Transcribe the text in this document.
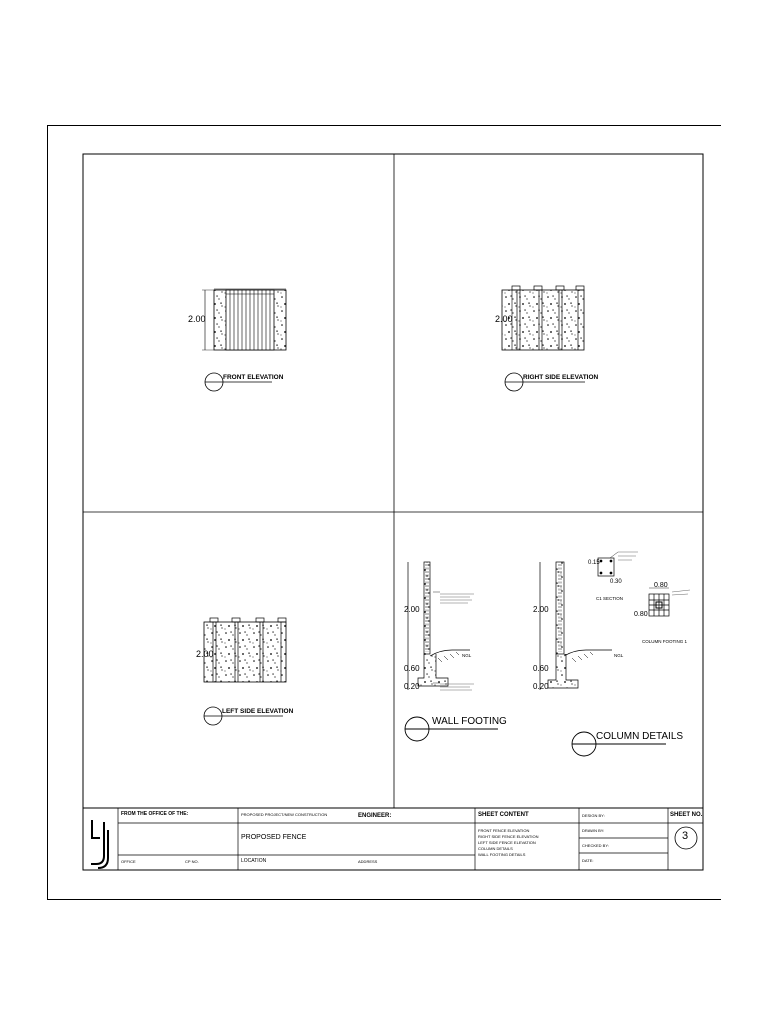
2.00
FRONT ELEVATION
2.00
RIGHT SIDE ELEVATION
2.00
LEFT SIDE ELEVATION
2.00
0.60
0.20
NGL
WALL FOOTING
2.00
0.60
0.20
NGL
0.15
0.30
C1 SECTION
0.80
0.80
COLUMN FOOTING 1
COLUMN DETAILS
FROM THE OFFICE OF THE:	PROPOSED PROJECT/NEW CONSTRUCTION	ENGINEER:
PROPOSED FENCE
OFFICE	CP NO.	LOCATION	ADDRESS
SHEET CONTENT
FRONT FENCE ELEVATION
RIGHT SIDE FENCE ELEVATION
LEFT SIDE FENCE ELEVATION
COLUMN DETAILS
WALL FOOTING DETAILS
DESIGN BY:
DRAWN BY:
CHECKED BY:
DATE:
SHEET NO.
3
